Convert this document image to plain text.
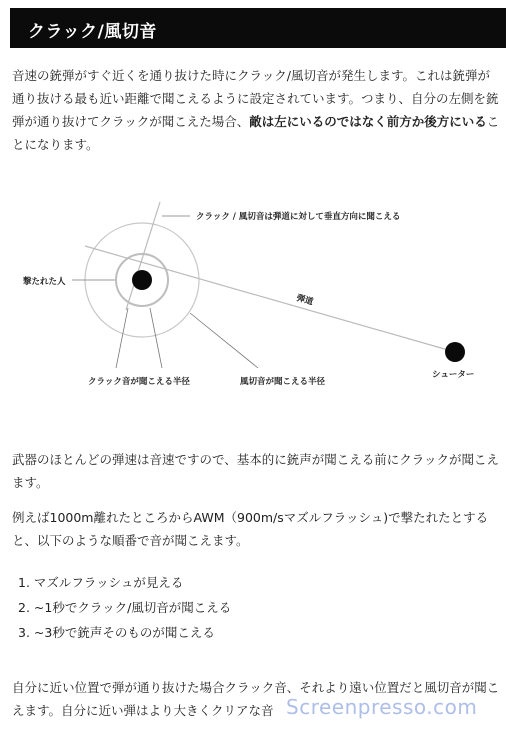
クラック/風切音

音速の銃弾がすぐ近くを通り抜けた時にクラック/風切音が発生します。これは銃弾が通り抜ける最も近い距離で聞こえるように設定されています。つまり、自分の左側を銃弾が通り抜けてクラックが聞こえた場合、敵は左にいるのではなく前方か後方にいることになります。

クラック / 風切音は弾道に対して垂直方向に聞こえる
撃たれた人
弾道
クラック音が聞こえる半径	風切音が聞こえる半径
シューター

武器のほとんどの弾速は音速ですので、基本的に銃声が聞こえる前にクラックが聞こえます。

例えば1000m離れたところからAWM（900m/sマズルフラッシュ)で撃たれたとすると、以下のような順番で音が聞こえます。

1. マズルフラッシュが見える
2. ~1秒でクラック/風切音が聞こえる
3. ~3秒で銃声そのものが聞こえる

自分に近い位置で弾が通り抜けた場合クラック音、それより遠い位置だと風切音が聞こえます。自分に近い弾はより大きくクリアな音 Screenpresso.com
